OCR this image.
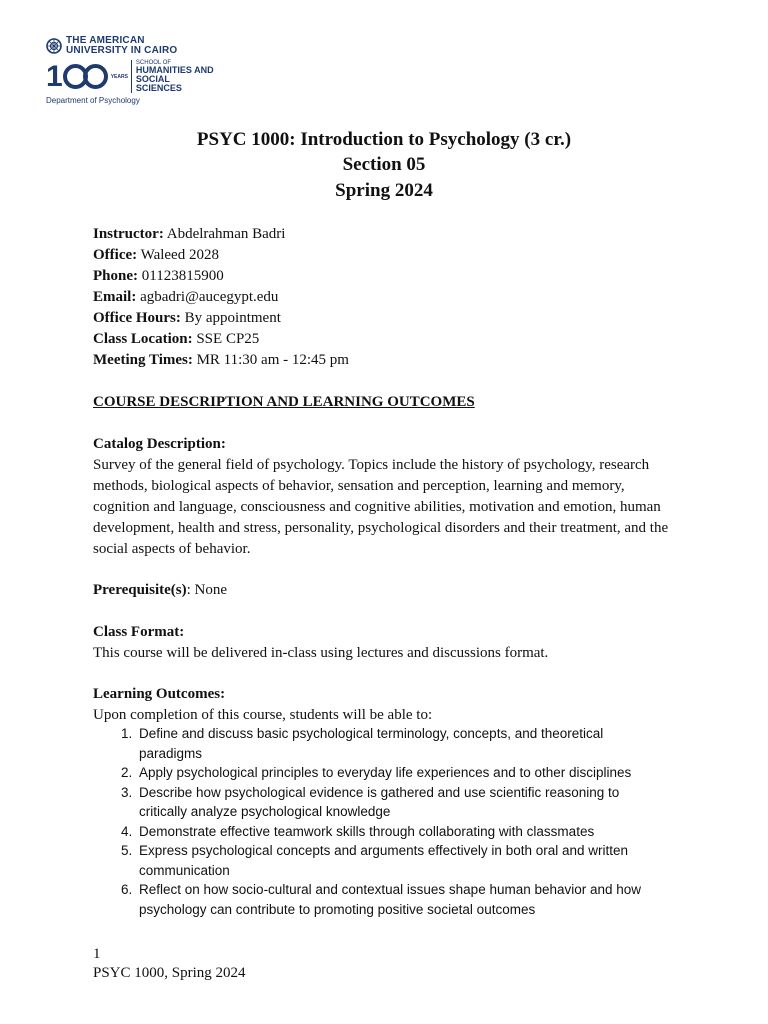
THE AMERICAN
UNIVERSITY IN CAIRO
1	YEARS
SCHOOL OF
HUMANITIES AND
SOCIAL SCIENCES
Department of Psychology
PSYC 1000: Introduction to Psychology (3 cr.)
Section 05
Spring 2024
Instructor: Abdelrahman Badri
Office: Waleed 2028
Phone: 01123815900
Email: agbadri@aucegypt.edu
Office Hours: By appointment
Class Location: SSE CP25
Meeting Times: MR 11:30 am - 12:45 pm
COURSE DESCRIPTION AND LEARNING OUTCOMES
Catalog Description:
Survey of the general field of psychology. Topics include the history of psychology, research methods, biological aspects of behavior, sensation and perception, learning and memory, cognition and language, consciousness and cognitive abilities, motivation and emotion, human development, health and stress, personality, psychological disorders and their treatment, and the social aspects of behavior.
Prerequisite(s): None
Class Format:
This course will be delivered in-class using lectures and discussions format.
Learning Outcomes:
Upon completion of this course, students will be able to:
1. Define and discuss basic psychological terminology, concepts, and theoretical paradigms
2. Apply psychological principles to everyday life experiences and to other disciplines
3. Describe how psychological evidence is gathered and use scientific reasoning to critically analyze psychological knowledge
4. Demonstrate effective teamwork skills through collaborating with classmates
5. Express psychological concepts and arguments effectively in both oral and written communication
6. Reflect on how socio-cultural and contextual issues shape human behavior and how psychology can contribute to promoting positive societal outcomes
1
PSYC 1000, Spring 2024
